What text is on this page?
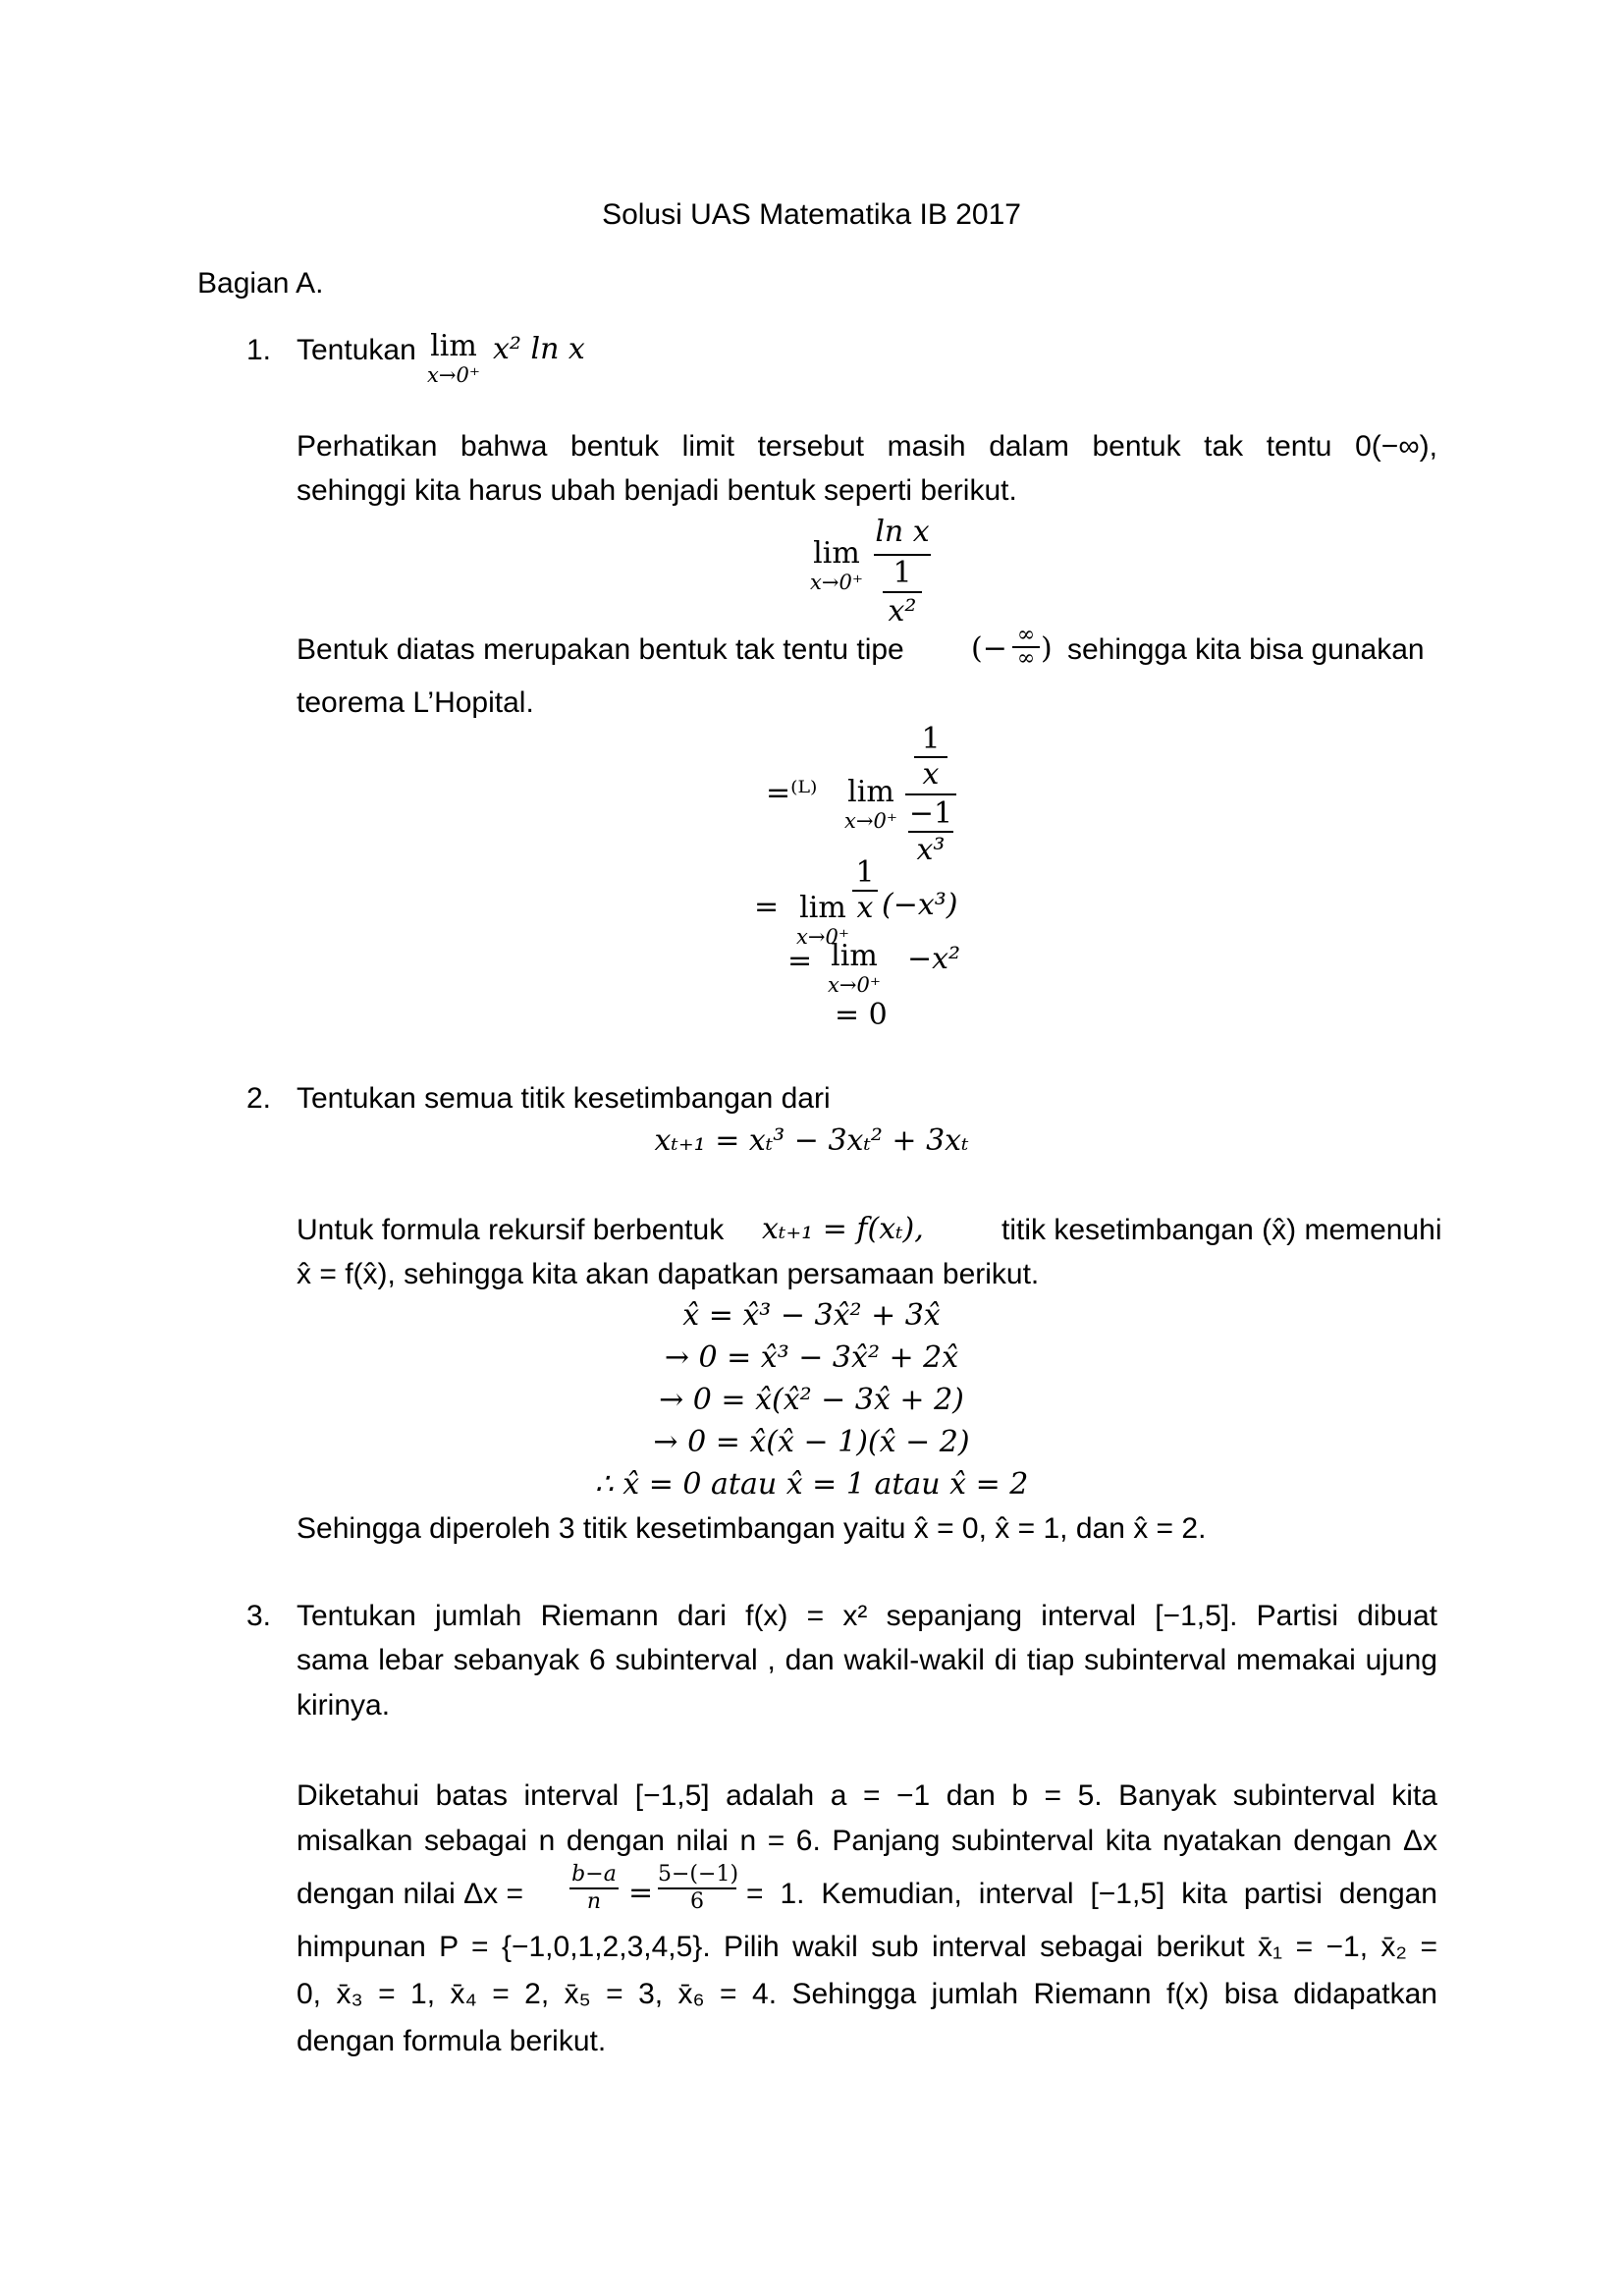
Solusi UAS Matematika IB 2017
Bagian A.
1. Tentukan lim
x→0⁺
x² ln x
Perhatikan bahwa bentuk limit tersebut masih dalam bentuk tak tentu 0(−∞),
sehinggi kita harus ubah benjadi bentuk seperti berikut.
lim
x→0⁺
ln x
1
x²
Bentuk diatas merupakan bentuk tak tentu tipe (− ∞
∞ ) sehingga kita bisa gunakan
teorema L’Hopital.
=⁽ᴸ⁾	lim
x→0⁺
1
x
−1
x³
= lim
x→0⁺
1
x (−x³)
= lim
x→0⁺
−x²
= 0
2. Tentukan semua titik kesetimbangan dari
xₜ₊₁ = xₜ³ − 3xₜ² + 3xₜ
Untuk formula rekursif berbentuk xₜ₊₁ = f(xₜ),	titik kesetimbangan (x̂) memenuhi
x̂ = f(x̂), sehingga kita akan dapatkan persamaan berikut.
x̂ = x̂³ − 3x̂² + 3x̂
→ 0 = x̂³ − 3x̂² + 2x̂
→ 0 = x̂(x̂² − 3x̂ + 2)
→ 0 = x̂(x̂ − 1)(x̂ − 2)
∴ x̂ = 0 atau x̂ = 1 atau x̂ = 2
Sehingga diperoleh 3 titik kesetimbangan yaitu x̂ = 0, x̂ = 1, dan x̂ = 2.
3. Tentukan jumlah Riemann dari f(x) = x² sepanjang interval [−1,5]. Partisi dibuat
sama lebar sebanyak 6 subinterval , dan wakil-wakil di tiap subinterval memakai ujung
kirinya.
Diketahui batas interval [−1,5] adalah a = −1 dan b = 5. Banyak subinterval kita
misalkan sebagai n dengan nilai n = 6. Panjang subinterval kita nyatakan dengan Δx
dengan nilai Δx =
b−a
n =
5−(−1)
6	= 1. Kemudian, interval [−1,5] kita partisi dengan
himpunan P = {−1,0,1,2,3,4,5}. Pilih wakil sub interval sebagai berikut x̄₁ = −1, x̄₂ =
0, x̄₃ = 1, x̄₄ = 2, x̄₅ = 3, x̄₆ = 4. Sehingga jumlah Riemann f(x) bisa didapatkan
dengan formula berikut.
